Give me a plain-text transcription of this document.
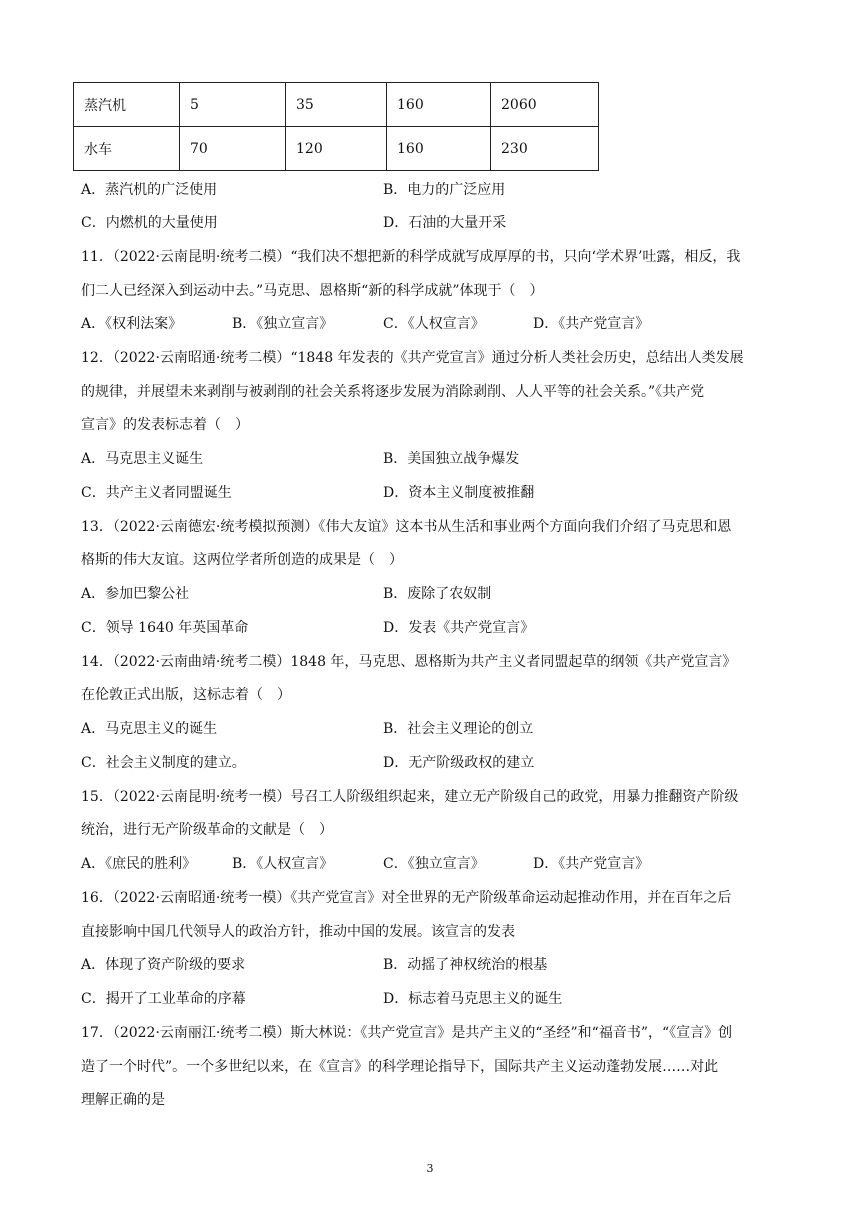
蒸汽机	5	35	160	2060
水车	70	120	160	230
A．蒸汽机的广泛使用	B．电力的广泛应用
C．内燃机的大量使用	D．石油的大量开采
11．（2022·云南昆明·统考二模）“我们决不想把新的科学成就写成厚厚的书，只向‘学术界’吐露，相反，我
们二人已经深入到运动中去。”马克思、恩格斯“新的科学成就”体现于（　）
A．《权利法案》	B．《独立宣言》	C．《人权宣言》	D．《共产党宣言》
12．（2022·云南昭通·统考二模）“1848 年发表的《共产党宣言》通过分析人类社会历史，总结出人类发展
的规律，并展望未来剥削与被剥削的社会关系将逐步发展为消除剥削、人人平等的社会关系。”《共产党
宣言》的发表标志着（　）
A．马克思主义诞生	B．美国独立战争爆发
C．共产主义者同盟诞生	D．资本主义制度被推翻
13．（2022·云南德宏·统考模拟预测）《伟大友谊》这本书从生活和事业两个方面向我们介绍了马克思和恩
格斯的伟大友谊。这两位学者所创造的成果是（　）
A．参加巴黎公社	B．废除了农奴制
C．领导 1640 年英国革命	D．发表《共产党宣言》
14．（2022·云南曲靖·统考二模）1848 年，马克思、恩格斯为共产主义者同盟起草的纲领《共产党宣言》
在伦敦正式出版，这标志着（　）
A．马克思主义的诞生	B．社会主义理论的创立
C．社会主义制度的建立。	D．无产阶级政权的建立
15．（2022·云南昆明·统考一模）号召工人阶级组织起来，建立无产阶级自己的政党，用暴力推翻资产阶级
统治，进行无产阶级革命的文献是（　）
A．《庶民的胜利》	B．《人权宣言》	C．《独立宣言》	D．《共产党宣言》
16．（2022·云南昭通·统考一模）《共产党宣言》对全世界的无产阶级革命运动起推动作用，并在百年之后
直接影响中国几代领导人的政治方针，推动中国的发展。该宣言的发表
A．体现了资产阶级的要求	B．动摇了神权统治的根基
C．揭开了工业革命的序幕	D．标志着马克思主义的诞生
17．（2022·云南丽江·统考二模）斯大林说：《共产党宣言》是共产主义的“圣经”和“福音书”，“《宣言》创
造了一个时代”。一个多世纪以来，在《宣言》的科学理论指导下，国际共产主义运动蓬勃发展……对此
理解正确的是
3
